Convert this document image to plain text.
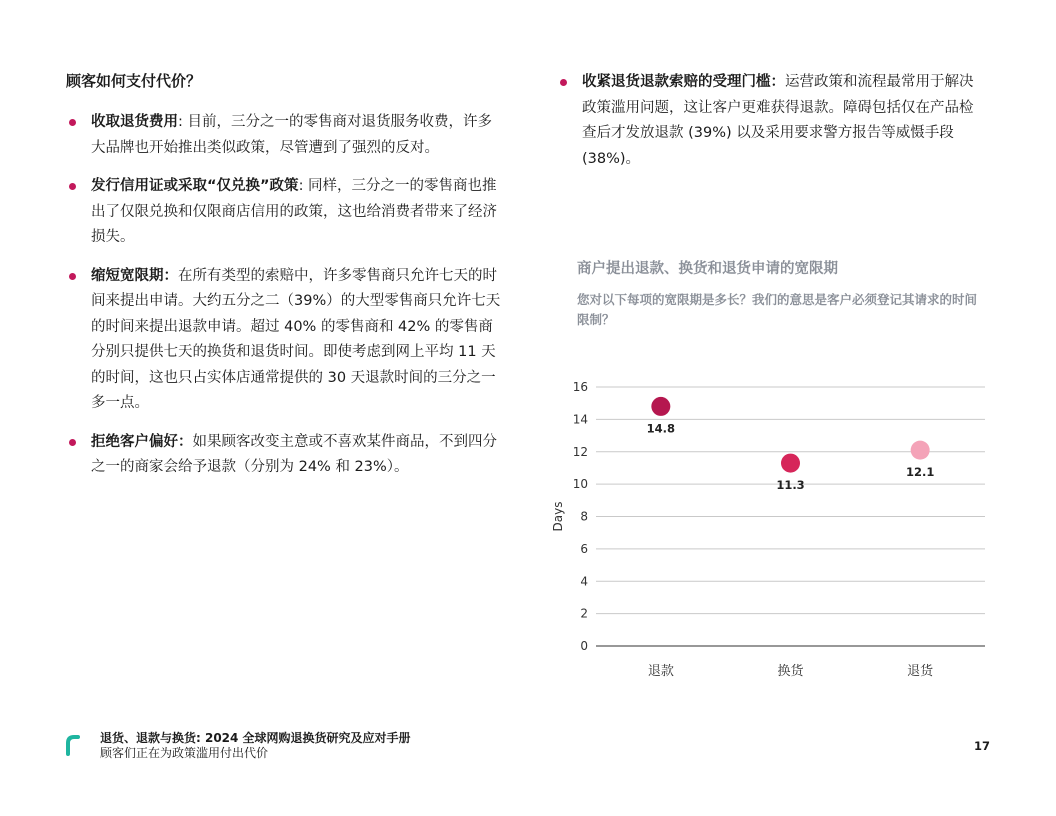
顾客如何支付代价？
收取退货费用: 目前，三分之一的零售商对退货服务收费，许多大品牌也开始推出类似政策，尽管遭到了强烈的反对。
发行信用证或采取“仅兑换”政策: 同样，三分之一的零售商也推出了仅限兑换和仅限商店信用的政策，这也给消费者带来了经济损失。
缩短宽限期：在所有类型的索赔中，许多零售商只允许七天的时间来提出申请。大约五分之二（39%）的大型零售商只允许七天的时间来提出退款申请。超过 40% 的零售商和 42% 的零售商分别只提供七天的换货和退货时间。即使考虑到网上平均 11 天的时间，这也只占实体店通常提供的 30 天退款时间的三分之一多一点。
拒绝客户偏好：如果顾客改变主意或不喜欢某件商品，不到四分之一的商家会给予退款（分别为 24% 和 23%）。
收紧退货退款索赔的受理门槛：运营政策和流程最常用于解决政策滥用问题，这让客户更难获得退款。障碍包括仅在产品检查后才发放退款 (39%) 以及采用要求警方报告等威慑手段 (38%)。
商户提出退款、换货和退货申请的宽限期

您对以下每项的宽限期是多长？我们的意思是客户必须登记其请求的时间限制？

0
2
4
6
8
10
12
14
16
Days
14.8
退款
11.3
换货
12.1
退货
退货、退款与换货: 2024 全球网购退换货研究及应对手册
顾客们正在为政策滥用付出代价	17
